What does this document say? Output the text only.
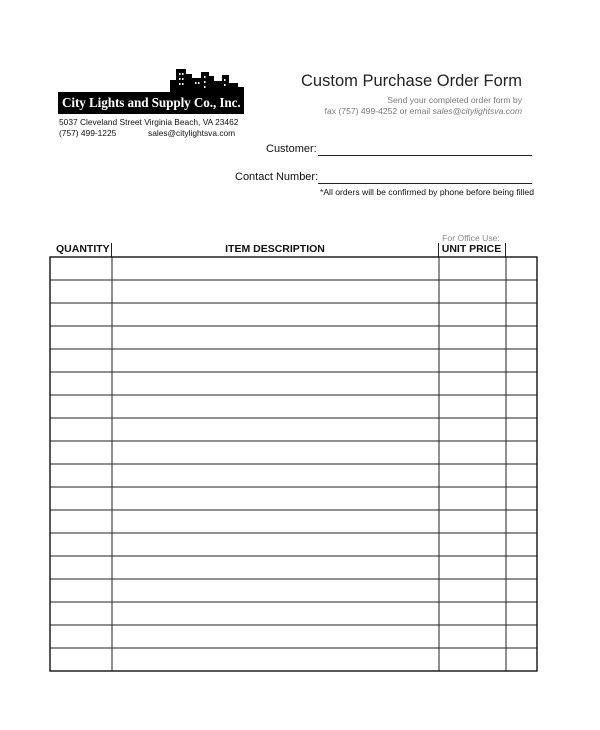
City Lights and Supply Co., Inc.
5037 Cleveland Street Virginia Beach, VA 23462
(757) 499-1225	sales@citylightsva.com
Custom Purchase Order Form
Send your completed order form by
fax (757) 499-4252 or email sales@citylightsva.com
Customer:
Contact Number:
*All orders will be confirmed by phone before being filled
For Office Use:
QUANTITY	ITEM DESCRIPTION	UNIT PRICE
